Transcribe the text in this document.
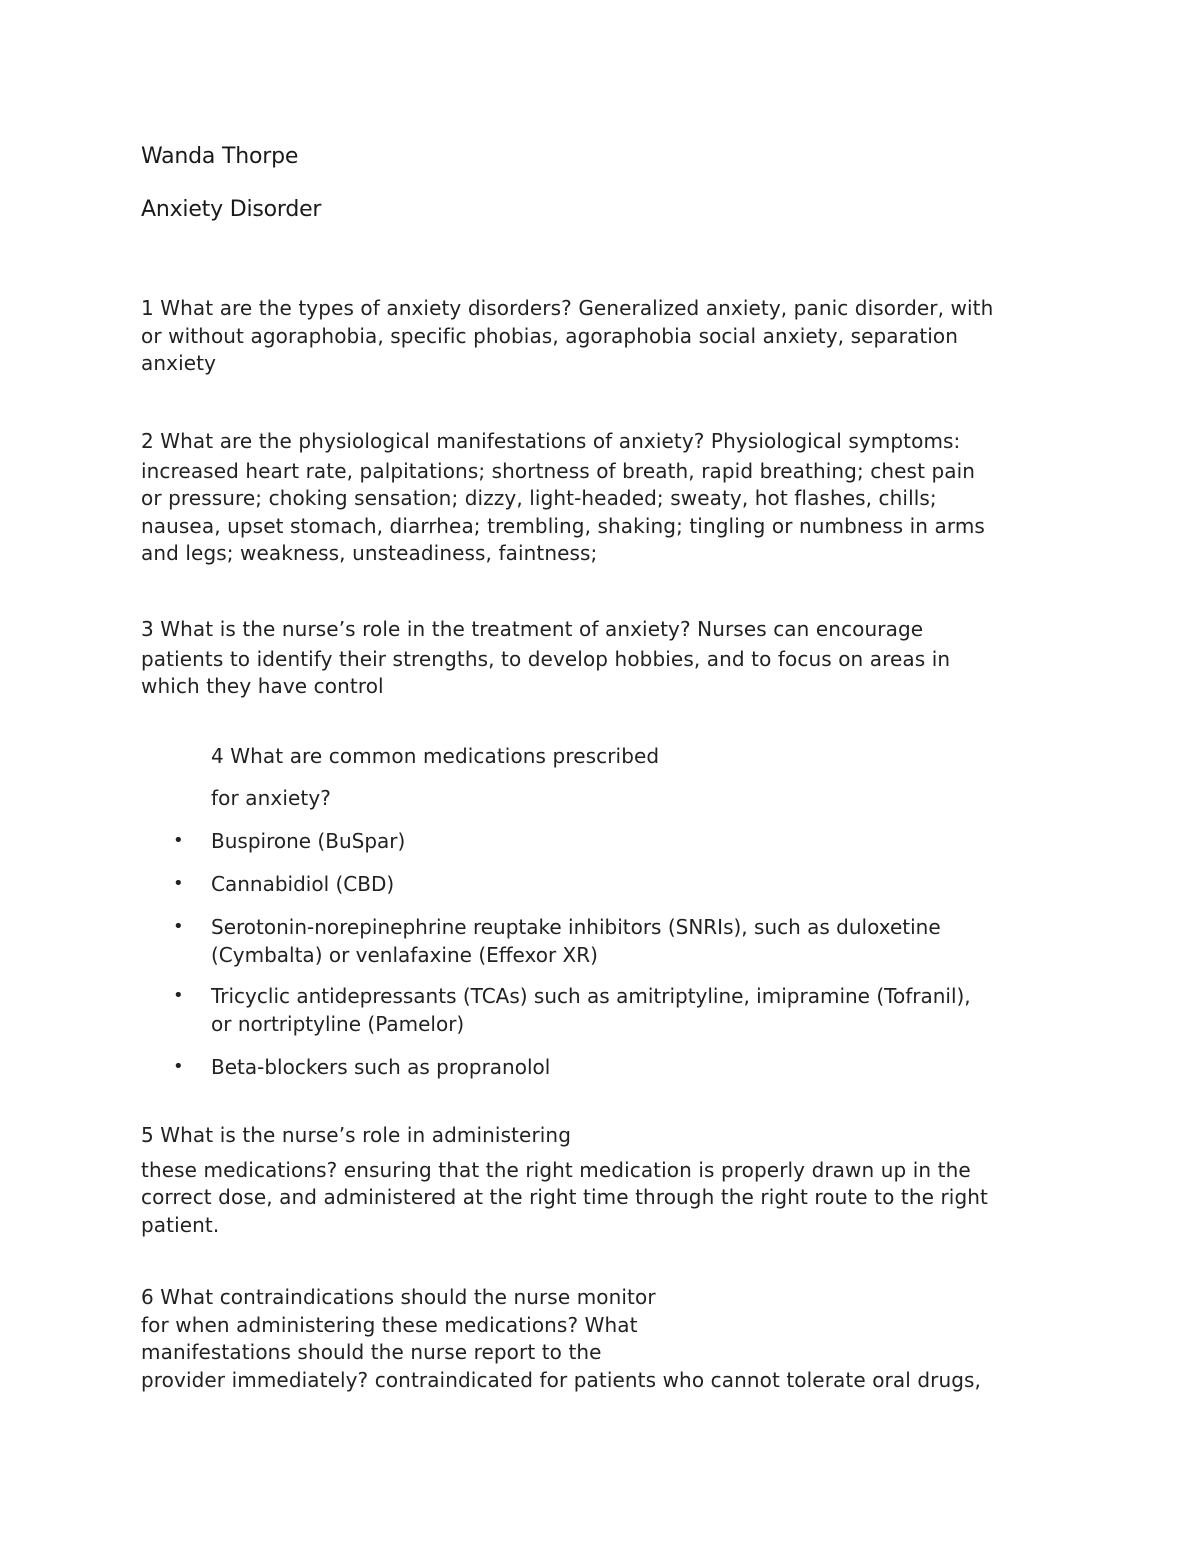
Wanda Thorpe
Anxiety Disorder

1 What are the types of anxiety disorders? Generalized anxiety, panic disorder, with
or without agoraphobia, specific phobias, agoraphobia social anxiety, separation
anxiety

2 What are the physiological manifestations of anxiety? Physiological symptoms:
increased heart rate, palpitations; shortness of breath, rapid breathing; chest pain
or pressure; choking sensation; dizzy, light-headed; sweaty, hot flashes, chills;
nausea, upset stomach, diarrhea; trembling, shaking; tingling or numbness in arms
and legs; weakness, unsteadiness, faintness;

3 What is the nurse’s role in the treatment of anxiety? Nurses can encourage
patients to identify their strengths, to develop hobbies, and to focus on areas in
which they have control

4 What are common medications prescribed

for anxiety?

• Buspirone (BuSpar)
• Cannabidiol (CBD)
• Serotonin-norepinephrine reuptake inhibitors (SNRIs), such as duloxetine
(Cymbalta) or venlafaxine (Effexor XR)
• Tricyclic antidepressants (TCAs) such as amitriptyline, imipramine (Tofranil),
or nortriptyline (Pamelor)
• Beta-blockers such as propranolol

5 What is the nurse’s role in administering
these medications? ensuring that the right medication is properly drawn up in the
correct dose, and administered at the right time through the right route to the right
patient.

6 What contraindications should the nurse monitor
for when administering these medications? What
manifestations should the nurse report to the
provider immediately? contraindicated for patients who cannot tolerate oral drugs,
